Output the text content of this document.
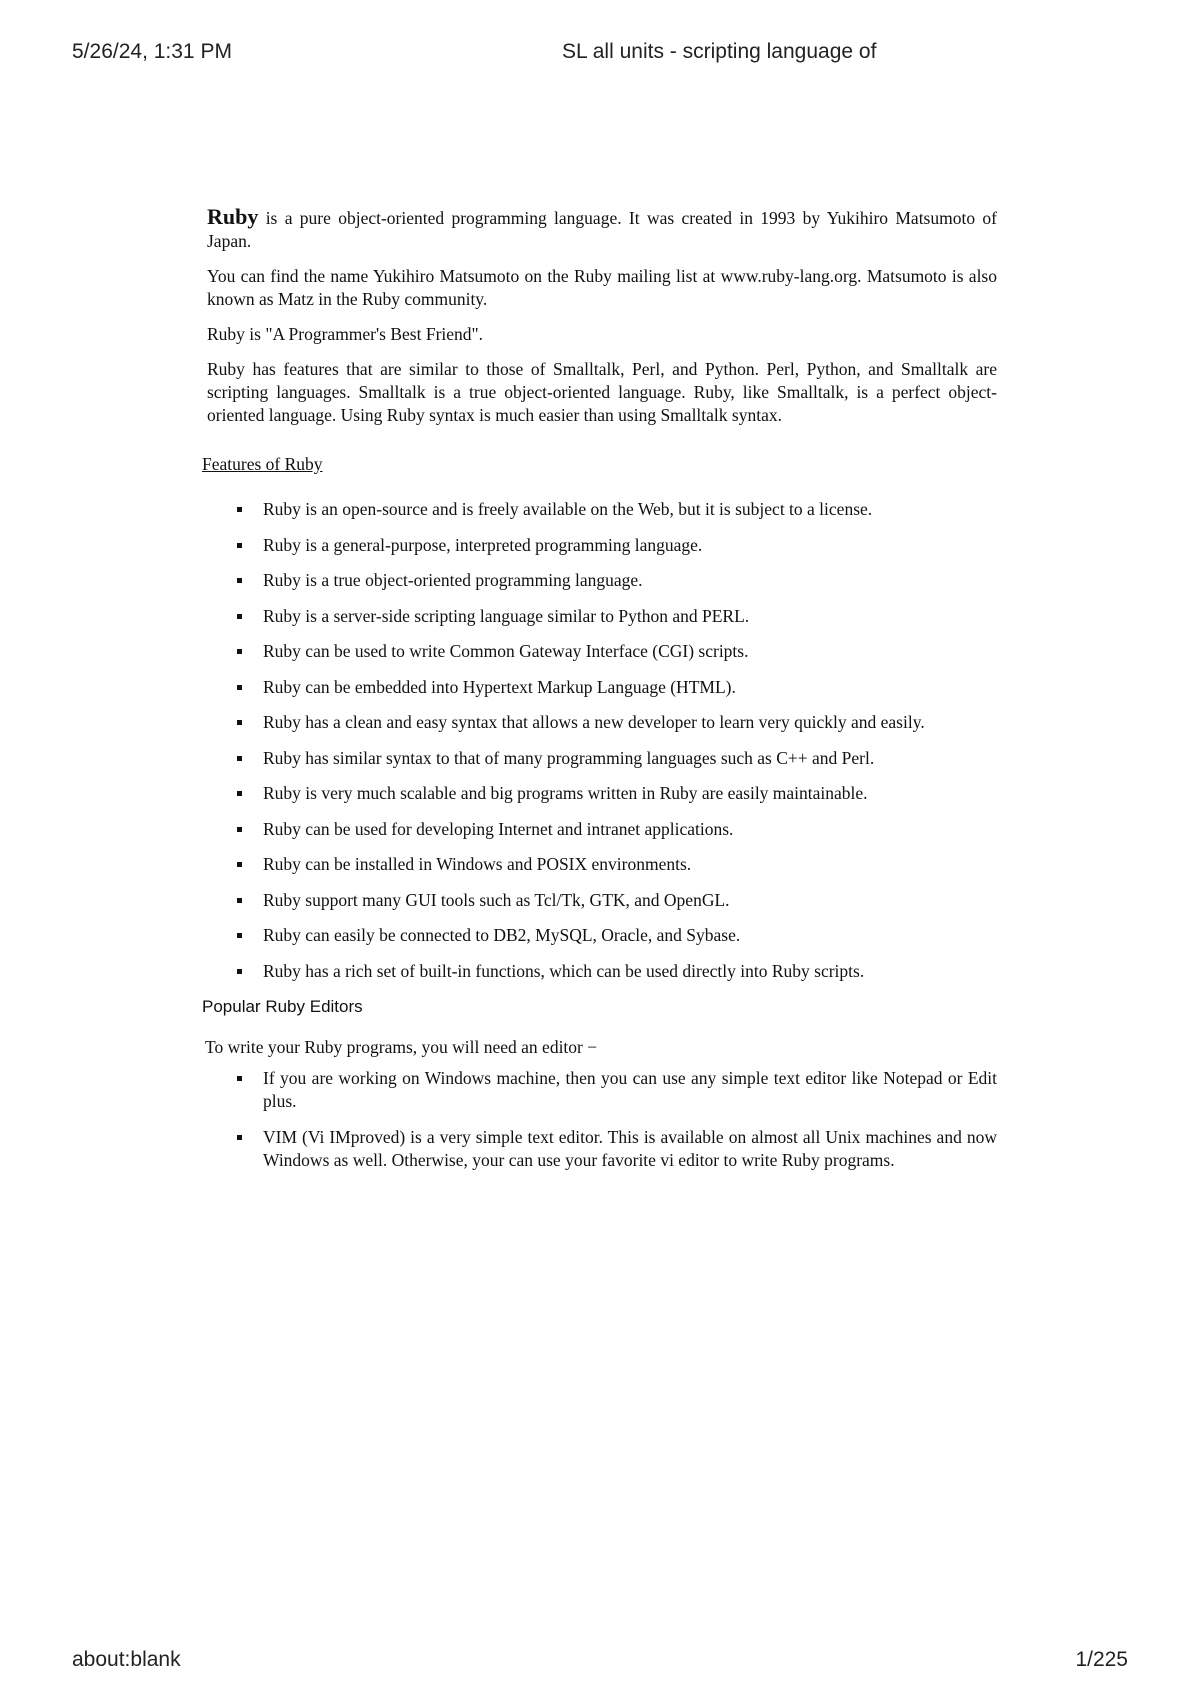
5/26/24, 1:31 PM	SL all units - scripting language of

Ruby is a pure object-oriented programming language. It was created in 1993 by Yukihiro Matsumoto of Japan.

You can find the name Yukihiro Matsumoto on the Ruby mailing list at www.ruby-lang.org. Matsumoto is also known as Matz in the Ruby community.

Ruby is "A Programmer's Best Friend".

Ruby has features that are similar to those of Smalltalk, Perl, and Python. Perl, Python, and Smalltalk are scripting languages. Smalltalk is a true object-oriented language. Ruby, like Smalltalk, is a perfect object-oriented language. Using Ruby syntax is much easier than using Smalltalk syntax.

Features of Ruby
Ruby is an open-source and is freely available on the Web, but it is subject to a license.
Ruby is a general-purpose, interpreted programming language.
Ruby is a true object-oriented programming language.
Ruby is a server-side scripting language similar to Python and PERL.
Ruby can be used to write Common Gateway Interface (CGI) scripts.
Ruby can be embedded into Hypertext Markup Language (HTML).
Ruby has a clean and easy syntax that allows a new developer to learn very quickly and easily.
Ruby has similar syntax to that of many programming languages such as C++ and Perl.
Ruby is very much scalable and big programs written in Ruby are easily maintainable.
Ruby can be used for developing Internet and intranet applications.
Ruby can be installed in Windows and POSIX environments.
Ruby support many GUI tools such as Tcl/Tk, GTK, and OpenGL.
Ruby can easily be connected to DB2, MySQL, Oracle, and Sybase.
Ruby has a rich set of built-in functions, which can be used directly into Ruby scripts.
Popular Ruby Editors

To write your Ruby programs, you will need an editor −

If you are working on Windows machine, then you can use any simple text editor like Notepad or Edit plus.
VIM (Vi IMproved) is a very simple text editor. This is available on almost all Unix machines and now Windows as well. Otherwise, your can use your favorite vi editor to write Ruby programs.
about:blank	1/225
